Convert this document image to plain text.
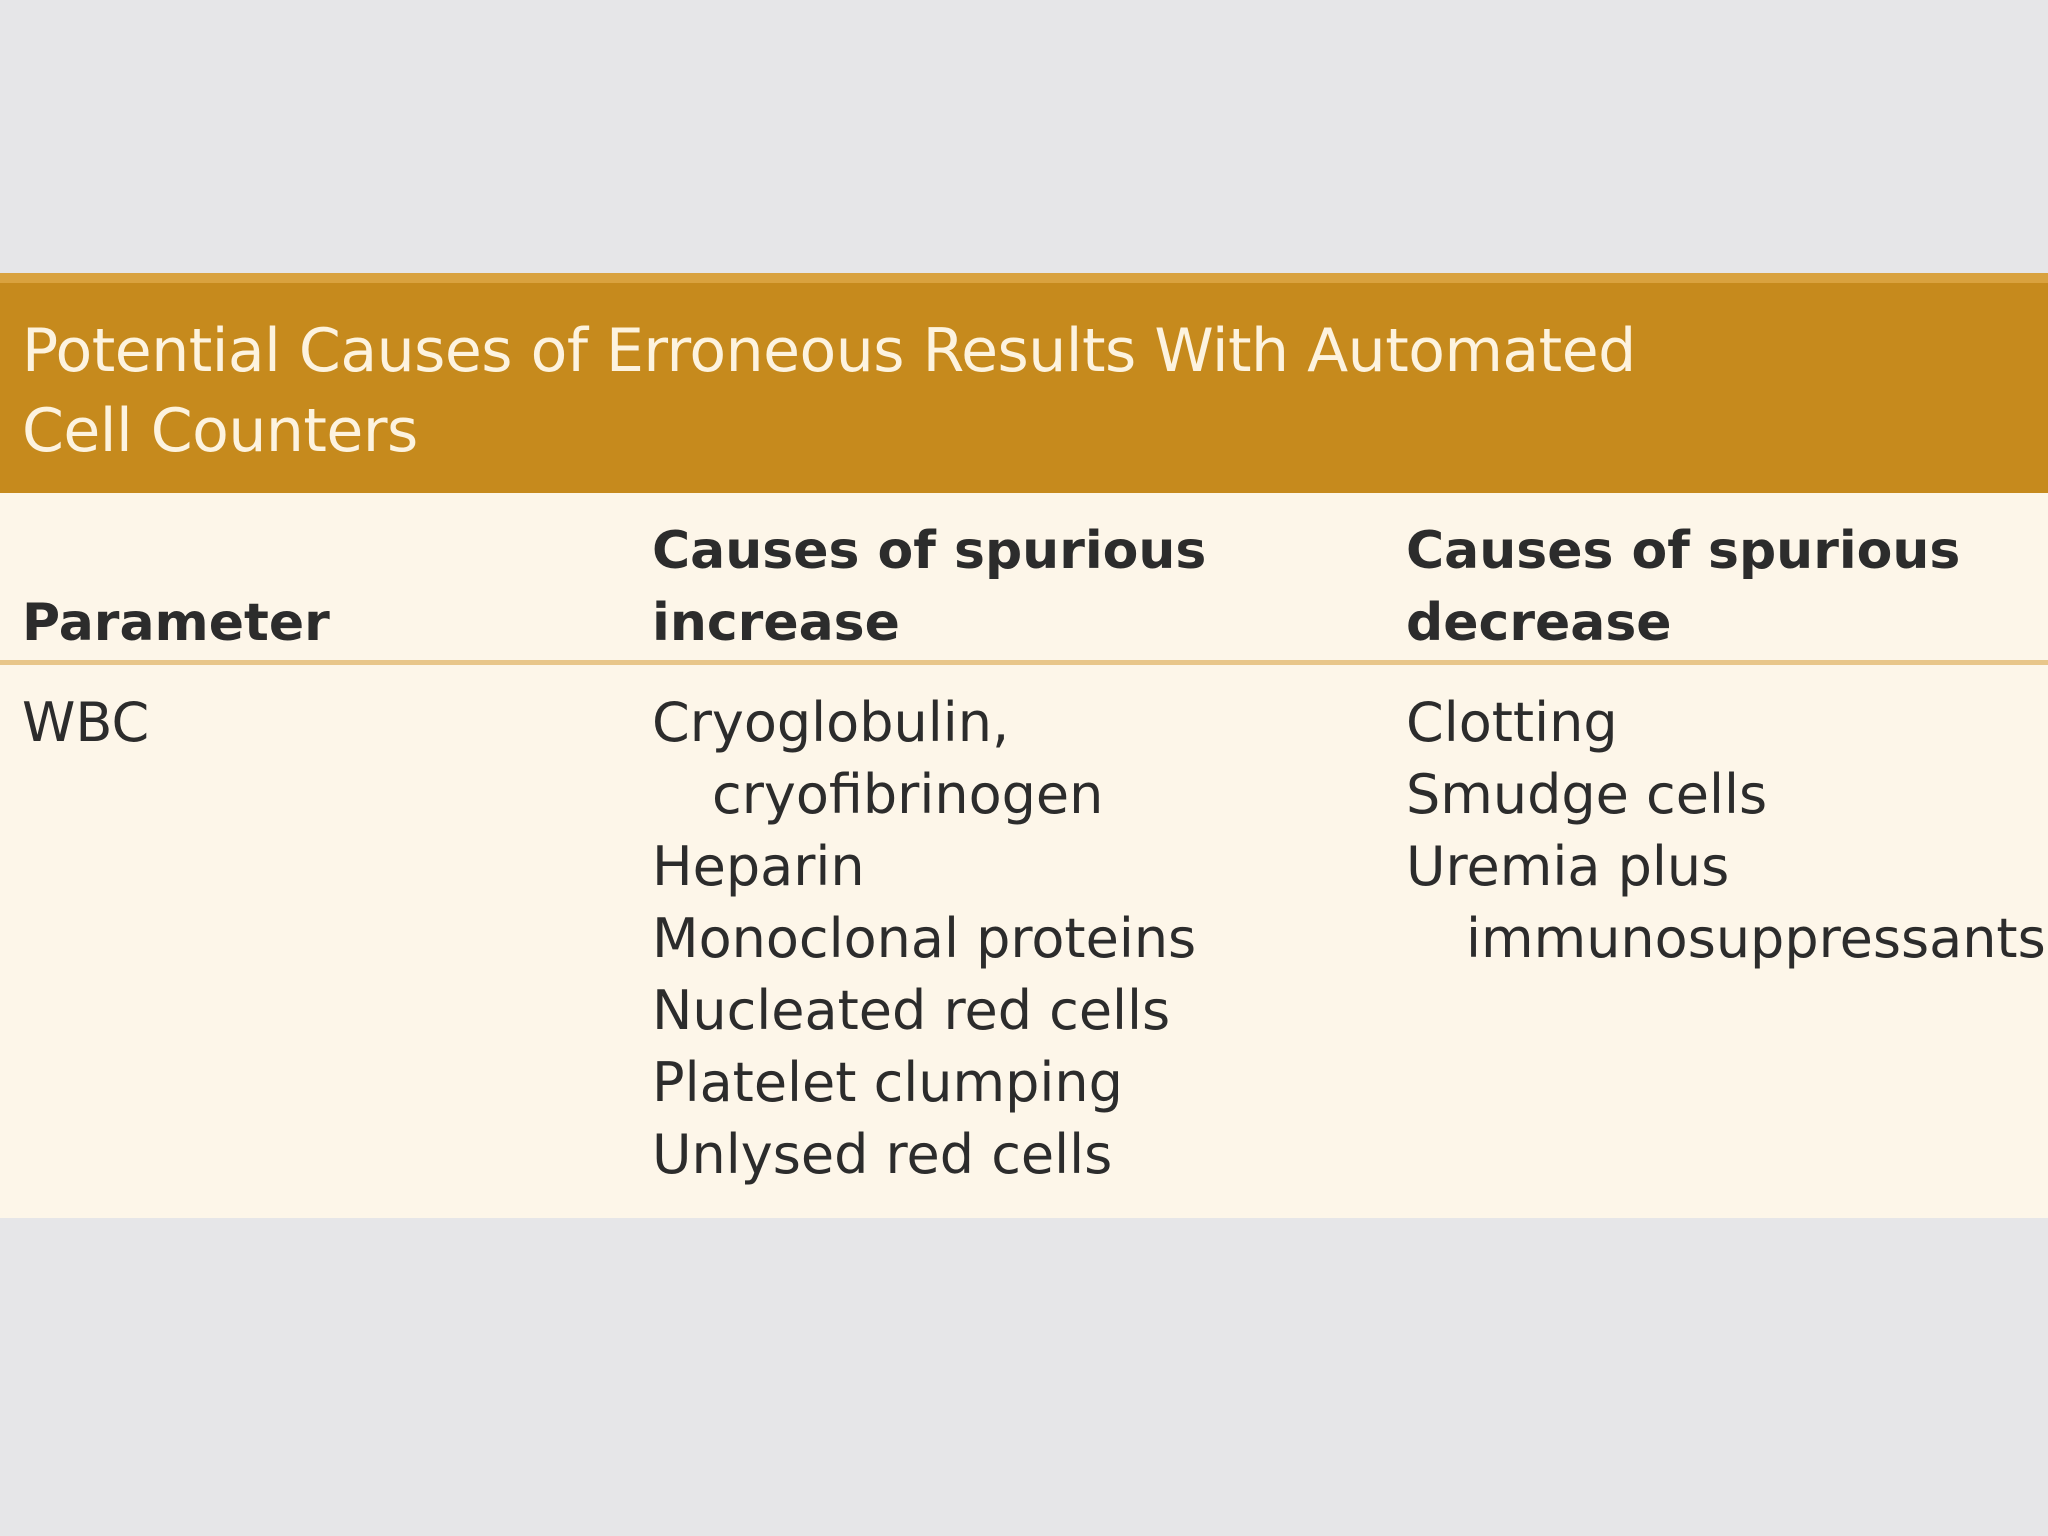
Potential Causes of Erroneous Results With Automated
Cell Counters
Parameter
Causes of spurious
increase
Causes of spurious
decrease
WBC	Cryoglobulin,
cryofibrinogen
Heparin
Monoclonal proteins
Nucleated red cells
Platelet clumping
Unlysed red cells
Clotting
Smudge cells
Uremia plus
immunosuppressants
